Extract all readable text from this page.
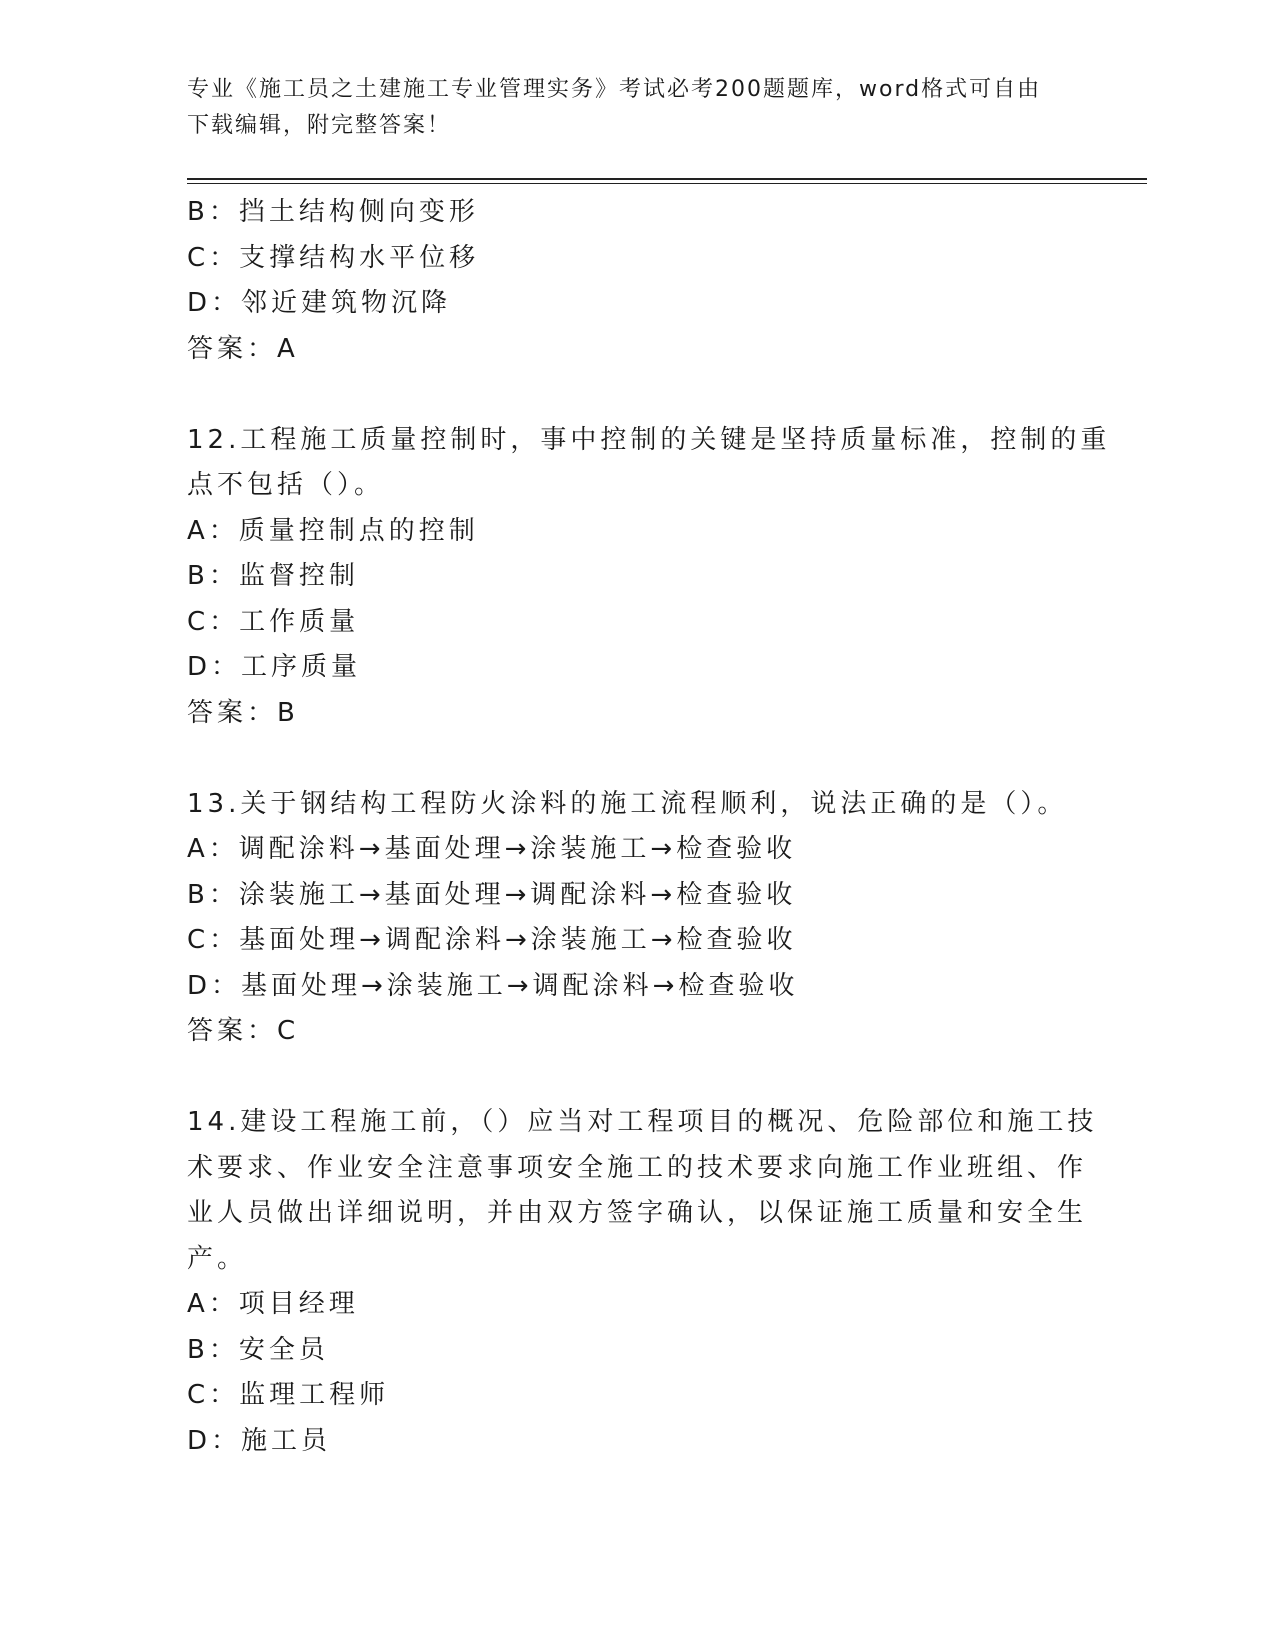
专业《施工员之土建施工专业管理实务》考试必考200题题库，word格式可自由
下载编辑，附完整答案！
B：挡土结构侧向变形
C：支撑结构水平位移
D：邻近建筑物沉降
答案：A
12.工程施工质量控制时，事中控制的关键是坚持质量标准，控制的重
点不包括（）。
A：质量控制点的控制
B：监督控制
C：工作质量
D：工序质量
答案：B
13.关于钢结构工程防火涂料的施工流程顺利，说法正确的是（）。
A：调配涂料→基面处理→涂装施工→检查验收
B：涂装施工→基面处理→调配涂料→检查验收
C：基面处理→调配涂料→涂装施工→检查验收
D：基面处理→涂装施工→调配涂料→检查验收
答案：C
14.建设工程施工前，（）应当对工程项目的概况、危险部位和施工技
术要求、作业安全注意事项安全施工的技术要求向施工作业班组、作
业人员做出详细说明，并由双方签字确认，以保证施工质量和安全生
产。
A：项目经理
B：安全员
C：监理工程师
D：施工员
